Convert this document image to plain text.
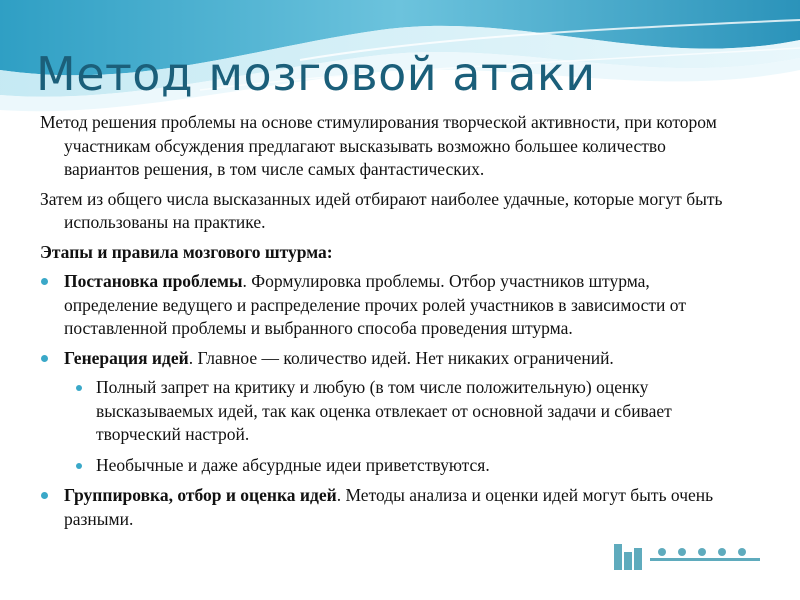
Метод мозговой атаки

Метод решения проблемы на основе стимулирования творческой активности, при котором участникам обсуждения предлагают высказывать возможно большее количество вариантов решения, в том числе самых фантастических.

Затем из общего числа высказанных идей отбирают наиболее удачные, которые могут быть использованы на практике.

Этапы и правила мозгового штурма:

Постановка проблемы. Формулировка проблемы. Отбор участников штурма, определение ведущего и распределение прочих ролей участников в зависимости от поставленной проблемы и выбранного способа проведения штурма.
Генерация идей. Главное — количество идей. Нет никаких ограничений.
Полный запрет на критику и любую (в том числе положительную) оценку высказываемых идей, так как оценка отвлекает от основной задачи и сбивает творческий настрой.
Необычные и даже абсурдные идеи приветствуются.
Группировка, отбор и оценка идей. Методы анализа и оценки идей могут быть очень разными.
